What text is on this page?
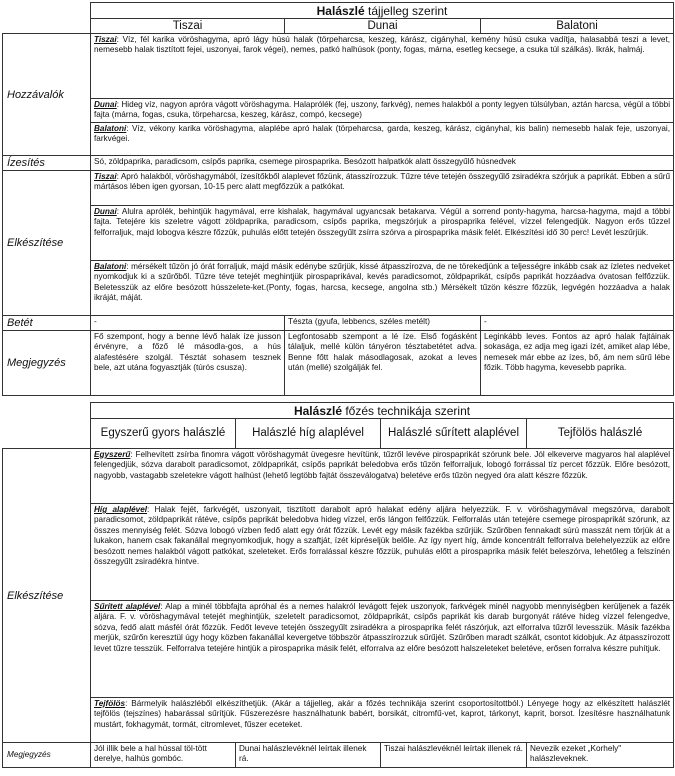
	Halászlé tájjelleg szerint		
	Tiszai	Dunai	Balatoni
Hozzávalók	Tiszai: Víz, fél karika vöröshagyma, apró lágy húsú halak (törpeharcsa, keszeg, kárász, cigányhal, kemény húsú csuka vadítja, halasabbá teszi a levet, nemesebb halak tisztított fejei, uszonyai, farok végei), nemes, patkó halhúsok (ponty, fogas, márna, esetleg kecsege, a csuka túl szálkás). Ikrák, halmáj.		
	Dunai: Hideg víz, nagyon apróra vágott vöröshagyma. Halaprólék (fej, uszony, farkvég), nemes halakból a ponty legyen túlsúlyban, aztán harcsa, végül a többi fajta (márna, fogas, csuka, törpeharcsa, keszeg, kárász, compó, kecsege)		
	Balatoni: Víz, vékony karika vöröshagyma, alaplébe apró halak (törpeharcsa, garda, keszeg, kárász, cigányhal, kis balin) nemesebb halak feje, uszonyai, farkvégei.		
Ízesítés	Só, zöldpaprika, paradicsom, csípős paprika, csemege pirospaprika. Besózott halpatkók alatt összegyűlő húsnedvek		
Elkészítése	Tiszai: Apró halakból, vöröshagymából, ízesítőkből alaplevet főzünk, átasszírozzuk. Tűzre téve tetején összegyűlő zsiradékra szórjuk a paprikát. Ebben a sűrű mártásos lében igen gyorsan, 10-15 perc alatt megfőzzük a patkókat.		
	Dunai: Alulra aprólék, behintjük hagymával, erre kishalak, hagymával ugyancsak betakarva. Végül a sorrend ponty-hagyma, harcsa-hagyma, majd a többi fajta. Tetejére kis szeletre vágott zöldpaprika, paradicsom, csípős paprika, megszórjuk a pirospaprika felével, vízzel felengedjük. Nagyon erős tűzzel felforraljuk, majd lobogva készre főzzük, puhulás előtt tetején összegyűlt zsírra szórva a pirospaprika másik felét. Elkészítési idő 30 perc! Levét leszűrjük.		
	Balatoni: mérsékelt tűzön jó órát forraljuk, majd másik edénybe szűrjük, kissé átpasszírozva, de ne törekedjünk a teljességre inkább csak az ízletes nedveket nyomkodjuk ki a szűrőből. Tűzre téve tetejét meghintjük pirospaprikával, kevés paradicsomot, zöldpaprikát, csípős paprikát hozzáadva óvatosan felfőzzük. Beletesszük az előre besózott hússzelete-ket.(Ponty, fogas, harcsa, kecsege, angolna stb.) Mérsékelt tűzön készre főzzük, legvégén hozzáadva a halak ikráját, máját.		
Betét	-	Tészta (gyufa, lebbencs, széles metélt)	-
Megjegyzés	Fő szempont, hogy a benne lévő halak íze jusson érvényre, a főző lé másodla-gos, a hús alafestésére szolgál. Tésztát sohasem tesznek bele, azt utána fogyasztják (túrós csusza).	Legfontosabb szempont a lé íze. Első fogásként tálaljuk, mellé külön tányéron tésztabetétet adva. Benne főtt halak másodlagosak, azokat a leves után (mellé) szolgálják fel.	Leginkább leves. Fontos az apró halak fajtáinak sokasága, ez adja meg igazi ízét, amiket alap lébe, nemesek már ebbe az ízes, bő, ám nem sűrű lébe főzik. Több hagyma, kevesebb paprika.
	Halászlé főzés technikája szerint			
	Egyszerű gyors halászlé	Halászlé híg alaplével	Halászlé sűrített alaplével	Tejfölös halászlé
Elkészítése	Egyszerű: Felhevített zsírba finomra vágott vöröshagymát üvegesre hevítünk, tűzről levéve pirospaprikát szórunk bele. Jól elkeverve magyaros hal alaplével felengedjük, sózva darabolt paradicsomot, zöldpaprikát, csípős paprikát beledobva erős tűzön felforraljuk, lobogó forrással tíz percet főzzük. Előre besózott, nagyobb, vastagabb szeletekre vágott halhúst (lehető legtöbb fajtát összeválogatva) beletéve erős tűzön negyed óra alatt készre főzzük.			
	Híg alaplével: Halak fejét, farkvégét, uszonyait, tisztított darabolt apró halakat edény aljára helyezzük. F. v. vöröshagymával megszórva, darabolt paradicsomot, zöldpaprikát rátéve, csípős paprikát beledobva hideg vízzel, erős lángon felfőzzük. Felforralás után tetejére csemege pirospaprikát szórunk, az összes mennyiség felét. Sózva lobogó vízben fedő alatt egy órát főzzük. Levét egy másik fazékba szűrjük. Szűrőben fennakadt súrú masszát nem törjük át a lukakon, hanem csak fakanállal megnyomkodjuk, hogy a szaftját, ízét kipréseljük belőle. Az így nyert híg, ámde koncentrált felforralva belehelyezzük az előre besózott nemes halakból vágott patkókat, szeleteket. Erős forralással készre főzzük, puhulás előtt a pirospaprika másik felét beleszórva, lehetőleg a felszínén összegyűlt zsiradékra hintve.			
	Sűrített alaplével: Alap a minél többfajta apróhal és a nemes halakról levágott fejek uszonyok, farkvégek minél nagyobb mennyiségben kerüljenek a fazék aljára. F. v. vöröshagymával tetejét meghintjük, szeletelt paradicsomot, zöldpaprikát, csípős paprikát kis darab burgonyát rátéve hideg vízzel felengedve, sózva, fedő alatt másfél órát főzzük. Fedőt leveve tetején összegyűlt zsiradékra a pirospaprika felét rászórjuk, azt elforralva tűzről levesszük. Másik fazékba merjük, szűrőn keresztül úgy hogy közben fakanállal kevergetve többször átpasszírozzuk sűrűjét. Szűrőben maradt szálkát, csontot kidobjuk. Az átpasszírozott levet tűzre tesszük. Felforralva tetejére hintjük a pirospaprika másik felét, elforralva az előre besózott halszeleteket beletéve, erősen forralva készre puhítjuk.			
	Tejfölös: Bármelyik halászléből elkészíthetjük. (Akár a tájjelleg, akár a főzés technikája szerint csoportosítottból.) Lényege hogy az elkészített halászlét tejfölös (tejszínes) habarással sűrítjük. Fűszerezésre használhatunk babért, borsikát, citromfű-vet, kaprot, tárkonyt, kaprit, borsot. Ízesítésre használhatunk mustárt, fokhagymát, tormát, citromlevet, fűszer eceteket.			
Megjegyzés	Jól illik bele a hal hússal töl-tött derelye, halhús gombóc.	Dunai halászlevéknél leírtak illenek rá.	Tiszai halászlevéknél leírtak illenek rá.	Nevezik ezeket „Korhely" halászleveknek.
